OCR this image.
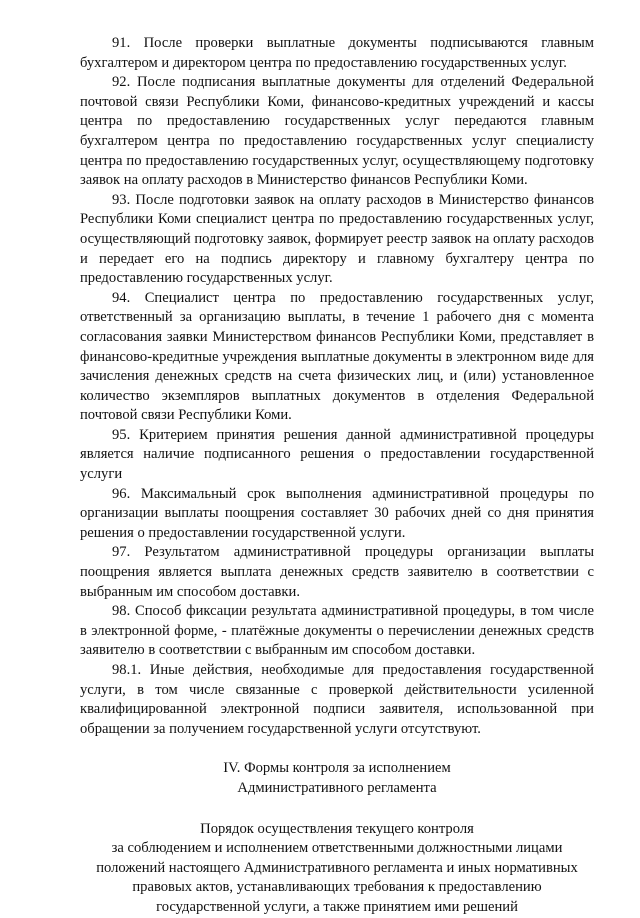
91. После проверки выплатные документы подписываются главным бухгалтером и директором центра по предоставлению государственных услуг.

92. После подписания выплатные документы для отделений Федеральной почтовой связи Республики Коми, финансово-кредитных учреждений и кассы центра по предоставлению государственных услуг передаются главным бухгалтером центра по предоставлению государственных услуг специалисту центра по предоставлению государственных услуг, осуществляющему подготовку заявок на оплату расходов в Министерство финансов Республики Коми.

93. После подготовки заявок на оплату расходов в Министерство финансов Республики Коми специалист центра по предоставлению государственных услуг, осуществляющий подготовку заявок, формирует реестр заявок на оплату расходов и передает его на подпись директору и главному бухгалтеру центра по предоставлению государственных услуг.

94. Специалист центра по предоставлению государственных услуг, ответственный за организацию выплаты, в течение 1 рабочего дня с момента согласования заявки Министерством финансов Республики Коми, представляет в финансово-кредитные учреждения выплатные документы в электронном виде для зачисления денежных средств на счета физических лиц, и (или) установленное количество экземпляров выплатных документов в отделения Федеральной почтовой связи Республики Коми.

95. Критерием принятия решения данной административной процедуры является наличие подписанного решения о предоставлении государственной услуги

96. Максимальный срок выполнения административной процедуры по организации выплаты поощрения составляет 30 рабочих дней со дня принятия решения о предоставлении государственной услуги.

97. Результатом административной процедуры организации выплаты поощрения является выплата денежных средств заявителю в соответствии с выбранным им способом доставки.

98. Способ фиксации результата административной процедуры, в том числе в электронной форме, - платёжные документы о перечислении денежных средств заявителю в соответствии с выбранным им способом доставки.

98.1. Иные действия, необходимые для предоставления государственной услуги, в том числе связанные с проверкой действительности усиленной квалифицированной электронной подписи заявителя, использованной при обращении за получением государственной услуги отсутствуют.

IV. Формы контроля за исполнением

Административного регламента

Порядок осуществления текущего контроля

за соблюдением и исполнением ответственными должностными лицами

положений настоящего Административного регламента и иных нормативных

правовых актов, устанавливающих требования к предоставлению

государственной услуги, а также принятием ими решений
